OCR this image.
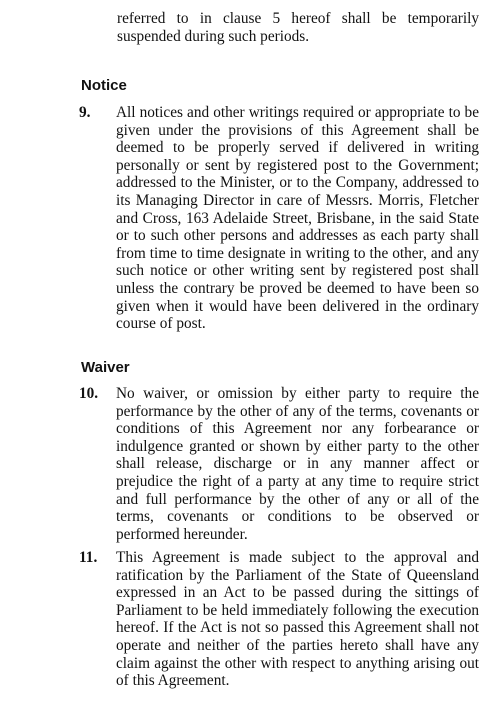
referred to in clause 5 hereof shall be temporarily suspended during such periods.

Notice
9. All notices and other writings required or appropriate to be given under the provisions of this Agreement shall be deemed to be properly served if delivered in writing personally or sent by registered post to the Government; addressed to the Minister, or to the Company, addressed to its Managing Director in care of Messrs. Morris, Fletcher and Cross, 163 Adelaide Street, Brisbane, in the said State or to such other persons and addresses as each party shall from time to time designate in writing to the other, and any such notice or other writing sent by registered post shall unless the contrary be proved be deemed to have been so given when it would have been delivered in the ordinary course of post.

Waiver
10. No waiver, or omission by either party to require the performance by the other of any of the terms, covenants or conditions of this Agreement nor any forbearance or indulgence granted or shown by either party to the other shall release, discharge or in any manner affect or prejudice the right of a party at any time to require strict and full performance by the other of any or all of the terms, covenants or conditions to be observed or performed hereunder.

11. This Agreement is made subject to the approval and ratification by the Parliament of the State of Queensland expressed in an Act to be passed during the sittings of Parliament to be held immediately following the execution hereof. If the Act is not so passed this Agreement shall not operate and neither of the parties hereto shall have any claim against the other with respect to anything arising out of this Agreement.
